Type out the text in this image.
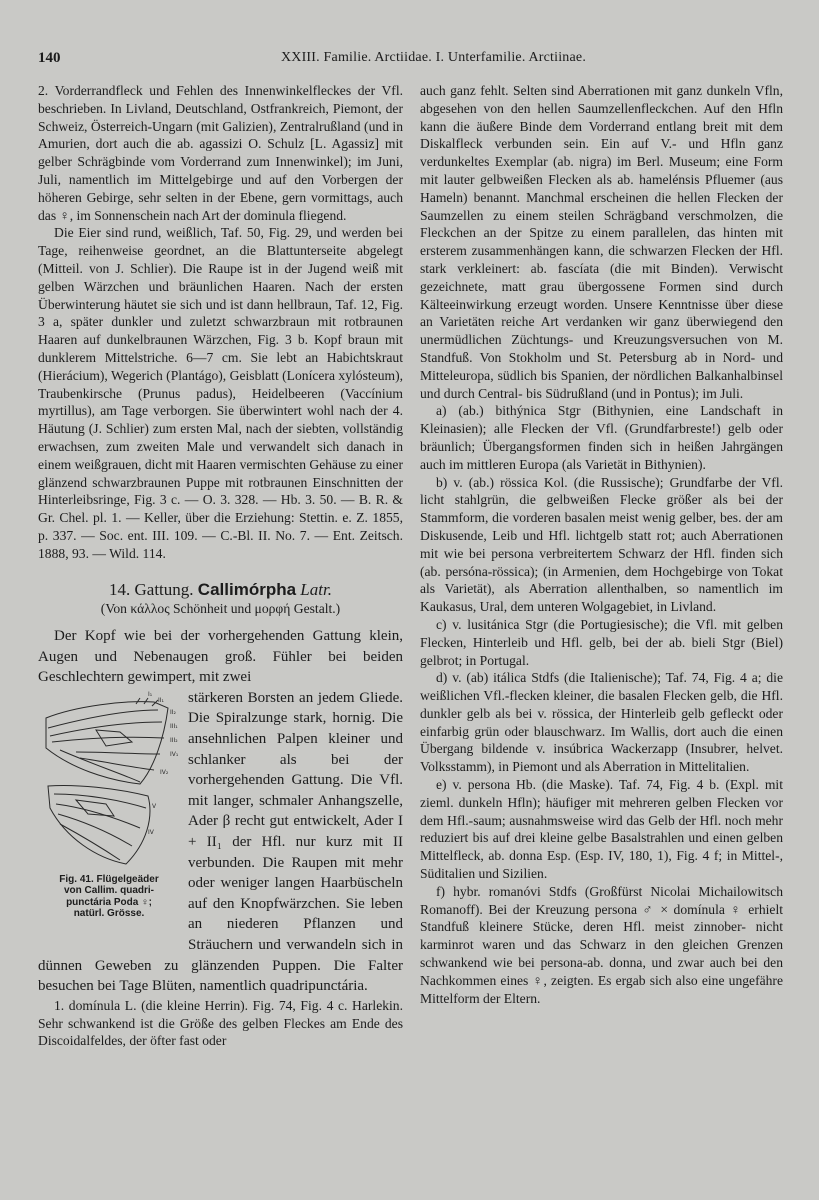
140	XXIII. Familie. Arctiidae. I. Unterfamilie. Arctiinae.

2. Vorderrandfleck und Fehlen des Innenwinkelfleckes der Vfl. beschrieben. In Livland, Deutschland, Ostfrankreich, Piemont, der Schweiz, Österreich-Ungarn (mit Galizien), Zentralrußland (und in Amurien, dort auch die ab. agassizi O. Schulz [L. Agassiz] mit gelber Schrägbinde vom Vorderrand zum Innenwinkel); im Juni, Juli, namentlich im Mittelgebirge und auf den Vorbergen der höheren Gebirge, sehr selten in der Ebene, gern vormittags, auch das ♀, im Sonnenschein nach Art der dominula fliegend.

Die Eier sind rund, weißlich, Taf. 50, Fig. 29, und werden bei Tage, reihenweise geordnet, an die Blattunterseite abgelegt (Mitteil. von J. Schlier). Die Raupe ist in der Jugend weiß mit gelben Wärzchen und bräunlichen Haaren. Nach der ersten Überwinterung häutet sie sich und ist dann hellbraun, Taf. 12, Fig. 3 a, später dunkler und zuletzt schwarzbraun mit rotbraunen Haaren auf dunkelbraunen Wärzchen, Fig. 3 b. Kopf braun mit dunklerem Mittelstriche. 6—7 cm. Sie lebt an Habichtskraut (Hierácium), Wegerich (Plantágo), Geisblatt (Lonícera xylósteum), Traubenkirsche (Prunus padus), Heidelbeeren (Vaccínium myrtillus), am Tage verborgen. Sie überwintert wohl nach der 4. Häutung (J. Schlier) zum ersten Mal, nach der siebten, vollständig erwachsen, zum zweiten Male und verwandelt sich danach in einem weißgrauen, dicht mit Haaren vermischten Gehäuse zu einer glänzend schwarzbraunen Puppe mit rotbraunen Einschnitten der Hinterleibsringe, Fig. 3 c. — O. 3. 328. — Hb. 3. 50. — B. R. & Gr. Chel. pl. 1. — Keller, über die Erziehung: Stettin. e. Z. 1855, p. 337. — Soc. ent. III. 109. — C.-Bl. II. No. 7. — Ent. Zeitsch. 1888, 93. — Wild. 114.

14. Gattung. Callimórpha Latr.
(Von κάλλος Schönheit und μορφή Gestalt.)

Der Kopf wie bei der vorhergehenden Gattung klein, Augen und Nebenaugen groß. Fühler bei beiden Geschlechtern gewimpert, mit zwei

I₁
II₁
II₂
III₁
III₂
IV₁
IV₂
V
IV
Fig. 41. Flügelgeäder
von Callim. quadri-
punctária Poda ♀;
natürl. Grösse.

stärkeren Borsten an jedem Gliede. Die Spiralzunge stark, hornig. Die ansehnlichen Palpen kleiner und schlanker als bei der vorhergehenden Gattung. Die Vfl. mit langer, schmaler Anhangszelle, Ader β recht gut entwickelt, Ader I + II₁ der Hfl. nur kurz mit II verbunden. Die Raupen mit mehr oder weniger langen Haarbüscheln auf den Knopfwärzchen. Sie leben an niederen Pflanzen und Sträuchern und verwandeln sich in dünnen Geweben zu glänzenden Puppen. Die Falter besuchen bei Tage Blüten, namentlich quadripunctária.

1. domínula L. (die kleine Herrin). Fig. 74, Fig. 4 c. Harlekin. Sehr schwankend ist die Größe des gelben Fleckes am Ende des Discoidalfeldes, der öfter fast oder

auch ganz fehlt. Selten sind Aberrationen mit ganz dunkeln Vfln, abgesehen von den hellen Saumzellenfleckchen. Auf den Hfln kann die äußere Binde dem Vorderrand entlang breit mit dem Diskalfleck verbunden sein. Ein auf V.- und Hfln ganz verdunkeltes Exemplar (ab. nigra) im Berl. Museum; eine Form mit lauter gelbweißen Flecken als ab. hamelénsis Pfluemer (aus Hameln) benannt. Manchmal erscheinen die hellen Flecken der Saumzellen zu einem steilen Schrägband verschmolzen, die Fleckchen an der Spitze zu einem parallelen, das hinten mit ersterem zusammenhängen kann, die schwarzen Flecken der Hfl. stark verkleinert: ab. fascíata (die mit Binden). Verwischt gezeichnete, matt grau übergossene Formen sind durch Kälteeinwirkung erzeugt worden. Unsere Kenntnisse über diese an Varietäten reiche Art verdanken wir ganz überwiegend den unermüdlichen Züchtungs- und Kreuzungsversuchen von M. Standfuß. Von Stokholm und St. Petersburg ab in Nord- und Mitteleuropa, südlich bis Spanien, der nördlichen Balkanhalbinsel und durch Central- bis Südrußland (und in Pontus); im Juli.

a) (ab.) bithýnica Stgr (Bithynien, eine Landschaft in Kleinasien); alle Flecken der Vfl. (Grundfarbreste!) gelb oder bräunlich; Übergangsformen finden sich in heißen Jahrgängen auch im mittleren Europa (als Varietät in Bithynien).

b) v. (ab.) rössica Kol. (die Russische); Grundfarbe der Vfl. licht stahlgrün, die gelbweißen Flecke größer als bei der Stammform, die vorderen basalen meist wenig gelber, bes. der am Diskusende, Leib und Hfl. lichtgelb statt rot; auch Aberrationen mit wie bei persona verbreitertem Schwarz der Hfl. finden sich (ab. persóna-rössica); (in Armenien, dem Hochgebirge von Tokat als Varietät), als Aberration allenthalben, so namentlich im Kaukasus, Ural, dem unteren Wolgagebiet, in Livland.

c) v. lusitánica Stgr (die Portugiesische); die Vfl. mit gelben Flecken, Hinterleib und Hfl. gelb, bei der ab. bieli Stgr (Biel) gelbrot; in Portugal.

d) v. (ab) itálica Stdfs (die Italienische); Taf. 74, Fig. 4 a; die weißlichen Vfl.-flecken kleiner, die basalen Flecken gelb, die Hfl. dunkler gelb als bei v. rössica, der Hinterleib gelb gefleckt oder einfarbig grün oder blauschwarz. Im Wallis, dort auch die einen Übergang bildende v. insúbrica Wackerzapp (Insubrer, helvet. Volksstamm), in Piemont und als Aberration in Mittelitalien.

e) v. persona Hb. (die Maske). Taf. 74, Fig. 4 b. (Expl. mit zieml. dunkeln Hfln); häufiger mit mehreren gelben Flecken vor dem Hfl.-saum; ausnahmsweise wird das Gelb der Hfl. noch mehr reduziert bis auf drei kleine gelbe Basalstrahlen und einen gelben Mittelfleck, ab. donna Esp. (Esp. IV, 180, 1), Fig. 4 f; in Mittel-, Süditalien und Sizilien.

f) hybr. romanóvi Stdfs (Großfürst Nicolai Michailowitsch Romanoff). Bei der Kreuzung persona ♂ × domínula ♀ erhielt Standfuß kleinere Stücke, deren Hfl. meist zinnober- nicht karminrot waren und das Schwarz in den gleichen Grenzen schwankend wie bei persona-ab. donna, und zwar auch bei den Nachkommen eines ♀, zeigten. Es ergab sich also eine ungefähre Mittelform der Eltern.
